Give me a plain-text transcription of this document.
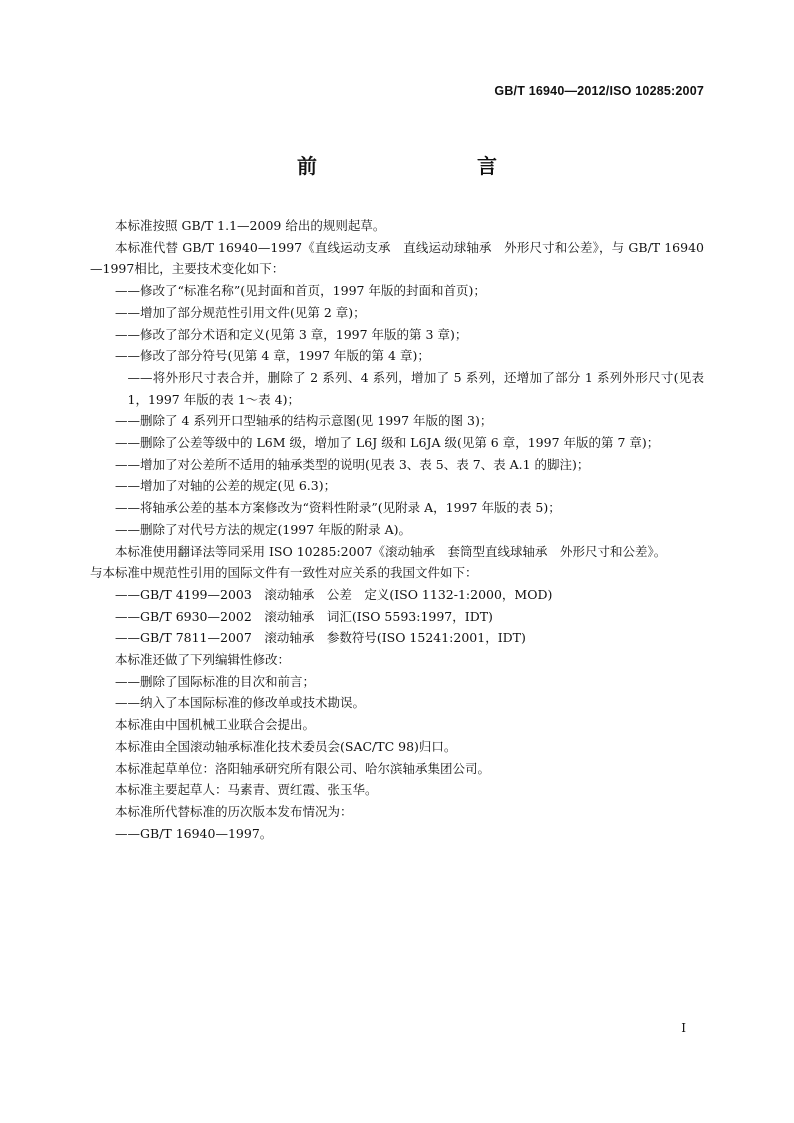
GB/T 16940—2012/ISO 10285:2007
前　　言

本标准按照 GB/T 1.1—2009 给出的规则起草。

本标准代替 GB/T 16940—1997《直线运动支承　直线运动球轴承　外形尺寸和公差》，与 GB/T 16940—1997相比，主要技术变化如下：

——修改了“标准名称”(见封面和首页，1997 年版的封面和首页)；

——增加了部分规范性引用文件(见第 2 章)；

——修改了部分术语和定义(见第 3 章，1997 年版的第 3 章)；

——修改了部分符号(见第 4 章，1997 年版的第 4 章)；

——将外形尺寸表合并，删除了 2 系列、4 系列，增加了 5 系列，还增加了部分 1 系列外形尺寸(见表 1，1997 年版的表 1～表 4)；

——删除了 4 系列开口型轴承的结构示意图(见 1997 年版的图 3)；

——删除了公差等级中的 L6M 级，增加了 L6J 级和 L6JA 级(见第 6 章，1997 年版的第 7 章)；

——增加了对公差所不适用的轴承类型的说明(见表 3、表 5、表 7、表 A.1 的脚注)；

——增加了对轴的公差的规定(见 6.3)；

——将轴承公差的基本方案修改为“资料性附录”(见附录 A，1997 年版的表 5)；

——删除了对代号方法的规定(1997 年版的附录 A)。

本标准使用翻译法等同采用 ISO 10285:2007《滚动轴承　套筒型直线球轴承　外形尺寸和公差》。

与本标准中规范性引用的国际文件有一致性对应关系的我国文件如下：

——GB/T 4199—2003　滚动轴承　公差　定义(ISO 1132-1:2000，MOD)

——GB/T 6930—2002　滚动轴承　词汇(ISO 5593:1997，IDT)

——GB/T 7811—2007　滚动轴承　参数符号(ISO 15241:2001，IDT)

本标准还做了下列编辑性修改：

——删除了国际标准的目次和前言；

——纳入了本国际标准的修改单或技术勘误。

本标准由中国机械工业联合会提出。

本标准由全国滚动轴承标准化技术委员会(SAC/TC 98)归口。

本标准起草单位：洛阳轴承研究所有限公司、哈尔滨轴承集团公司。

本标准主要起草人：马素青、贾红霞、张玉华。

本标准所代替标准的历次版本发布情况为：

——GB/T 16940—1997。

I
